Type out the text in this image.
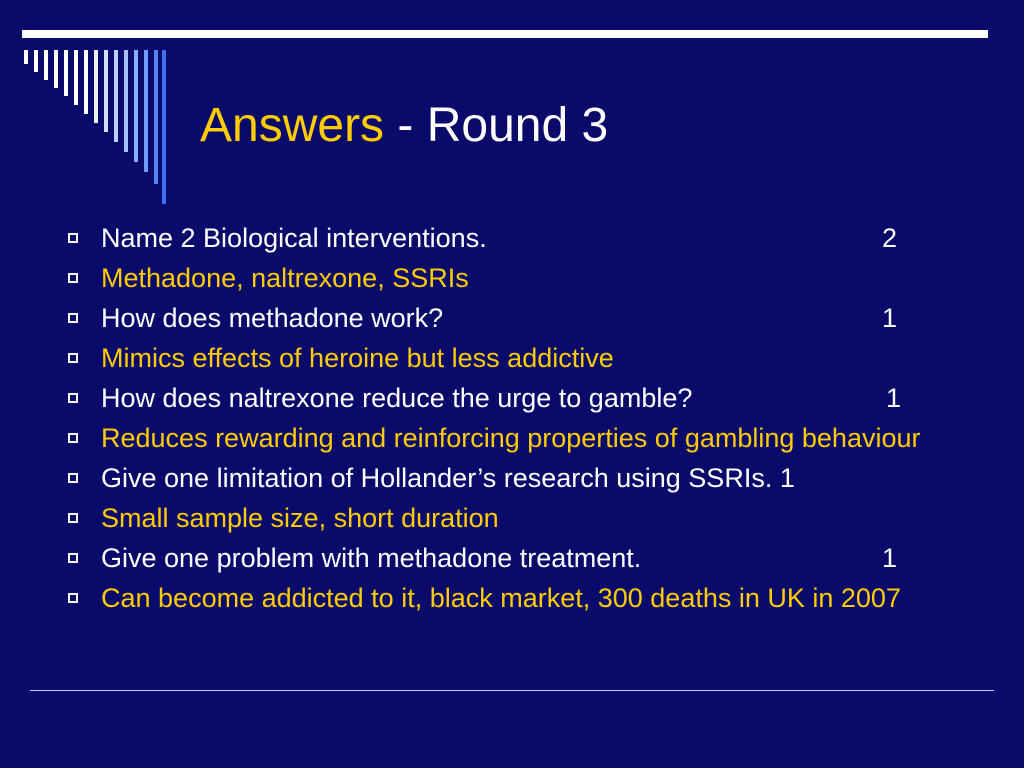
Answers - Round 3
Name 2 Biological interventions.	2
Methadone, naltrexone, SSRIs
How does methadone work?	1
Mimics effects of heroine but less addictive
How does naltrexone reduce the urge to gamble?	1
Reduces rewarding and reinforcing properties of gambling behaviour
Give one limitation of Hollander’s research using SSRIs. 1
Small sample size, short duration
Give one problem with methadone treatment.	1
Can become addicted to it, black market, 300 deaths in UK in 2007
